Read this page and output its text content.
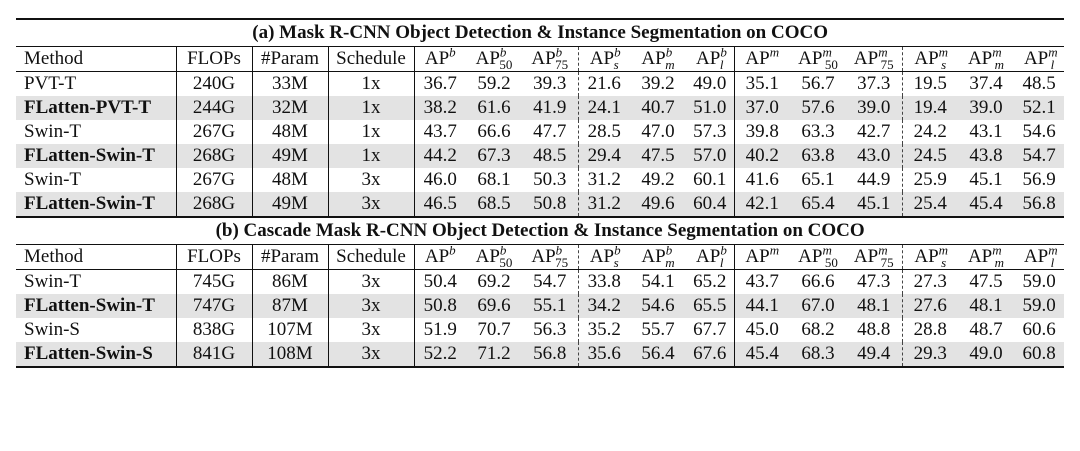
(a) Mask R-CNN Object Detection & Instance Segmentation on COCO															
Method	FLOPs	#Param	Schedule	$AP^b$	$AP^b_{50}$	$AP^b_{75}$	$AP^b_s$	$AP^b_m$	$AP^b_l$	$AP^m$	$AP^m_{50}$	$AP^m_{75}$	$AP^m_s$	$AP^m_m$	$AP^m_l$
PVT-T	240G	33M	1x	36.7	59.2	39.3	21.6	39.2	49.0	35.1	56.7	37.3	19.5	37.4	48.5
FLatten-PVT-T	244G	32M	1x	38.2	61.6	41.9	24.1	40.7	51.0	37.0	57.6	39.0	19.4	39.0	52.1
Swin-T	267G	48M	1x	43.7	66.6	47.7	28.5	47.0	57.3	39.8	63.3	42.7	24.2	43.1	54.6
FLatten-Swin-T	268G	49M	1x	44.2	67.3	48.5	29.4	47.5	57.0	40.2	63.8	43.0	24.5	43.8	54.7
Swin-T	267G	48M	3x	46.0	68.1	50.3	31.2	49.2	60.1	41.6	65.1	44.9	25.9	45.1	56.9
FLatten-Swin-T	268G	49M	3x	46.5	68.5	50.8	31.2	49.6	60.4	42.1	65.4	45.1	25.4	45.4	56.8
(b) Cascade Mask R-CNN Object Detection & Instance Segmentation on COCO															
Method	FLOPs	#Param	Schedule	$AP^b$	$AP^b_{50}$	$AP^b_{75}$	$AP^b_s$	$AP^b_m$	$AP^b_l$	$AP^m$	$AP^m_{50}$	$AP^m_{75}$	$AP^m_s$	$AP^m_m$	$AP^m_l$
Swin-T	745G	86M	3x	50.4	69.2	54.7	33.8	54.1	65.2	43.7	66.6	47.3	27.3	47.5	59.0
FLatten-Swin-T	747G	87M	3x	50.8	69.6	55.1	34.2	54.6	65.5	44.1	67.0	48.1	27.6	48.1	59.0
Swin-S	838G	107M	3x	51.9	70.7	56.3	35.2	55.7	67.7	45.0	68.2	48.8	28.8	48.7	60.6
FLatten-Swin-S	841G	108M	3x	52.2	71.2	56.8	35.6	56.4	67.6	45.4	68.3	49.4	29.3	49.0	60.8
